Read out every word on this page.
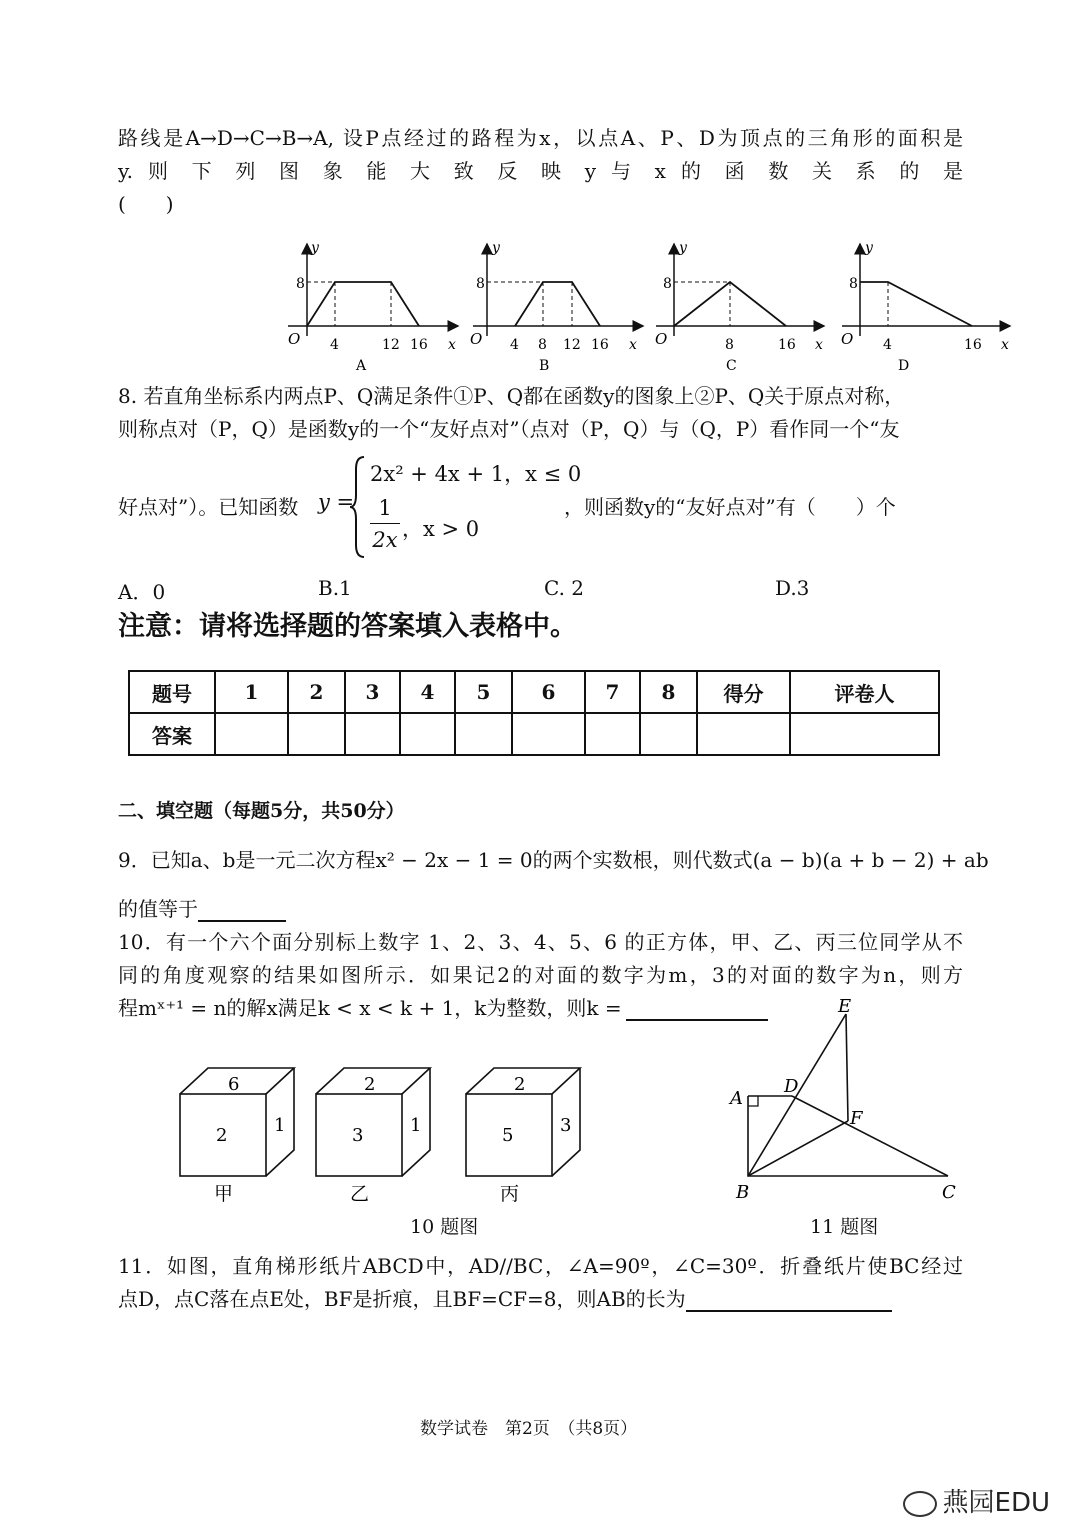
路线是A→D→C→B→A, 设P点经过的路程为x，以点A、P、D为顶点的三角形的面积是
y. 则 下 列 图 象 能 大 致 反 映 y 与 x 的 函 数 关 系 的 是
(　　)
y
8
O 4	12 16 x
A
y
8
O 4 8 12 16 x
B
y
8
O	8	16 x
C
y
8
O 4	16 x
D
8. 若直角坐标系内两点P、Q满足条件①P、Q都在函数y的图象上②P、Q关于原点对称，
则称点对（P，Q）是函数y的一个“友好点对”（点对（P，Q）与（Q，P）看作同一个“友
好点对”）。已知函数 y =
2x² + 4x + 1，x ≤ 0
1
2x ，x > 0
，则函数y的“友好点对”有（　　）个
A．0	B.1	C. 2	D.3
注意：请将选择题的答案填入表格中。
题号	1	2	3	4	5	6	7	8	得分	评卷人
答案										
二、填空题（每题5分，共50分）
9．已知a、b是一元二次方程x² − 2x − 1 = 0的两个实数根，则代数式(a − b)(a + b − 2) + ab
的值等于
10．有一个六个面分别标上数字 1、2、3、4、5、6 的正方体，甲、乙、丙三位同学从不
同的角度观察的结果如图所示．如果记2的对面的数字为m，3的对面的数字为n，则方
程mˣ⁺¹ = n的解x满足k < x < k + 1，k为整数，则k =
6
2	1
甲
2
3	1
乙
2
5	3
丙
10 题图
E
A
D
F
B	C
11 题图
11．如图，直角梯形纸片ABCD中，AD//BC，∠A=90º，∠C=30º．折叠纸片使BC经过
点D，点C落在点E处，BF是折痕，且BF=CF=8，则AB的长为
数学试卷　第2页　（共8页）
燕园EDU
